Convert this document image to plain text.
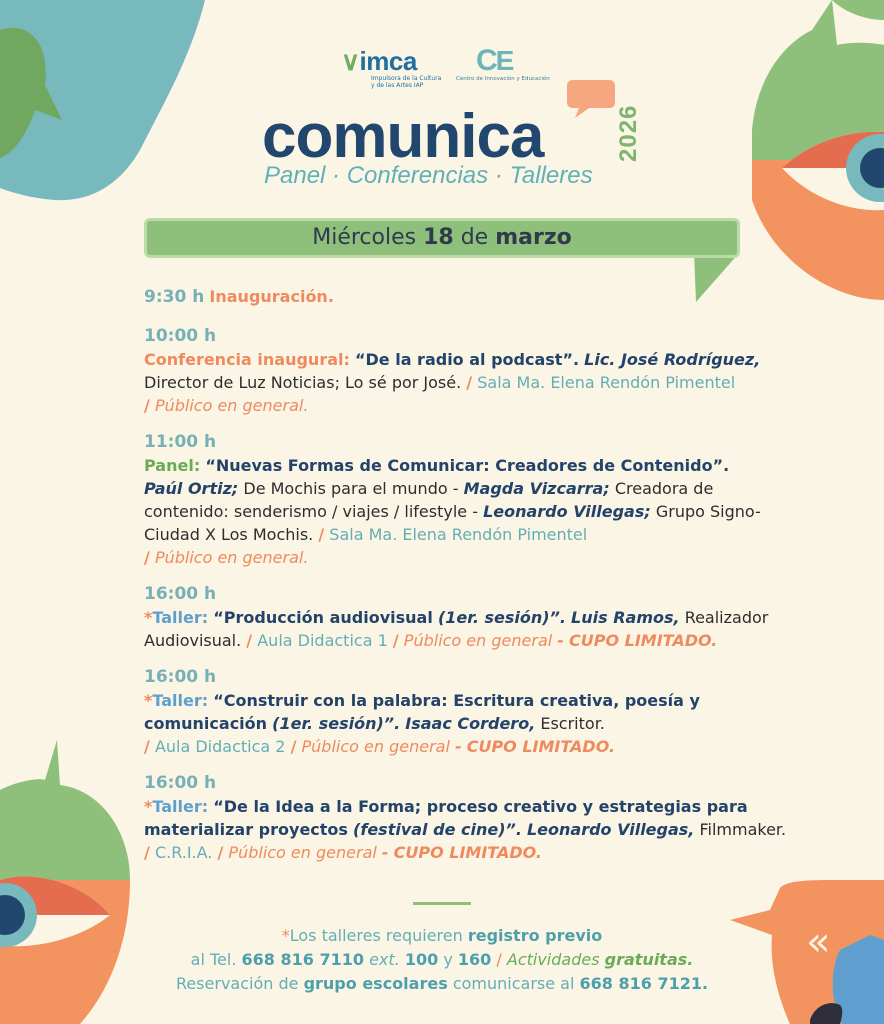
«
∨imca
Impulsora de la Cultura
y de las Artes IAP
CE
Centro de Innovación y Educación
comunica	2026
Panel · Conferencias · Talleres
Miércoles 18 de marzo
9:30 h Inauguración.
10:00 h
Conferencia inaugural: “De la radio al podcast”. Lic. José Rodríguez,
Director de Luz Noticias; Lo sé por José. / Sala Ma. Elena Rendón Pimentel
/ Público en general.
11:00 h
Panel: “Nuevas Formas de Comunicar: Creadores de Contenido”.
Paúl Ortiz; De Mochis para el mundo - Magda Vizcarra; Creadora de contenido: senderismo / viajes / lifestyle - Leonardo Villegas; Grupo Signo-Ciudad X Los Mochis. / Sala Ma. Elena Rendón Pimentel
/ Público en general.
16:00 h
*Taller: “Producción audiovisual (1er. sesión)”. Luis Ramos, Realizador Audiovisual. / Aula Didactica 1 / Público en general - CUPO LIMITADO.
16:00 h
*Taller: “Construir con la palabra: Escritura creativa, poesía y comunicación (1er. sesión)”. Isaac Cordero, Escritor.
/ Aula Didactica 2 / Público en general - CUPO LIMITADO.
16:00 h
*Taller: “De la Idea a la Forma; proceso creativo y estrategias para materializar proyectos (festival de cine)”. Leonardo Villegas, Filmmaker.
/ C.R.I.A. / Público en general - CUPO LIMITADO.
*Los talleres requieren registro previo
al Tel. 668 816 7110 ext. 100 y 160 / Actividades gratuitas.
Reservación de grupo escolares comunicarse al 668 816 7121.
